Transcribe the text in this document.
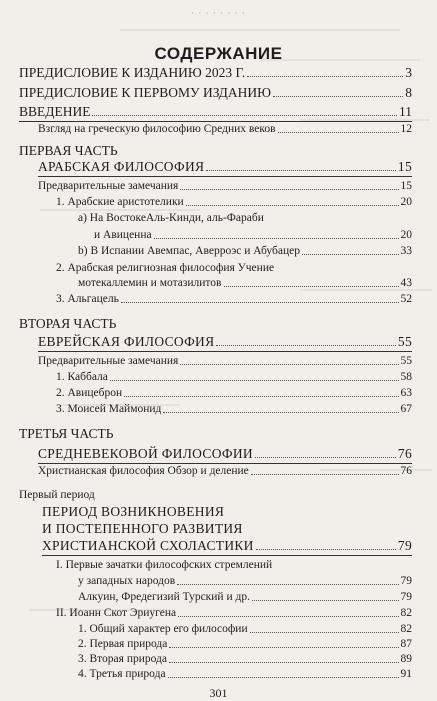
· · · · · · · ·
СОДЕРЖАНИЕ
ПРЕДИСЛОВИЕ К ИЗДАНИЮ 2023 Г.	3
ПРЕДИСЛОВИЕ К ПЕРВОМУ ИЗДАНИЮ	8
ВВЕДЕНИЕ	11
Взгляд на греческую философию Средних веков	12
ПЕРВАЯ ЧАСТЬ
АРАБСКАЯ ФИЛОСОФИЯ	15
Предварительные замечания	15
1. Арабские аристотелики	20
а) На ВостокеАль-Кинди, аль-Фараби
и Авиценна	20
b) В Испании Авемпас, Аверроэс и Абубацер	33
2. Арабская религиозная философия Учение
мотекаллемин и мотазилитов	43
3. Альгацель	52
ВТОРАЯ ЧАСТЬ
ЕВРЕЙСКАЯ ФИЛОСОФИЯ	55
Предварительные замечания	55
1. Каббала	58
2. Авицеброн	63
3. Моисей Маймонид	67
ТРЕТЬЯ ЧАСТЬ
СРЕДНЕВЕКОВОЙ ФИЛОСОФИИ	76
Христианская философия Обзор и деление	76
Первый период
ПЕРИОД ВОЗНИКНОВЕНИЯ
И ПОСТЕПЕННОГО РАЗВИТИЯ
ХРИСТИАНСКОЙ СХОЛАСТИКИ	79
I. Первые зачатки философских стремлений
у западных народов	79
Алкуин, Фредегизий Турский и др.	79
II. Иоанн Скот Эриугена	82
1. Общий характер его философии	82
2. Первая природа	87
3. Вторая природа	89
4. Третья природа	91
301
